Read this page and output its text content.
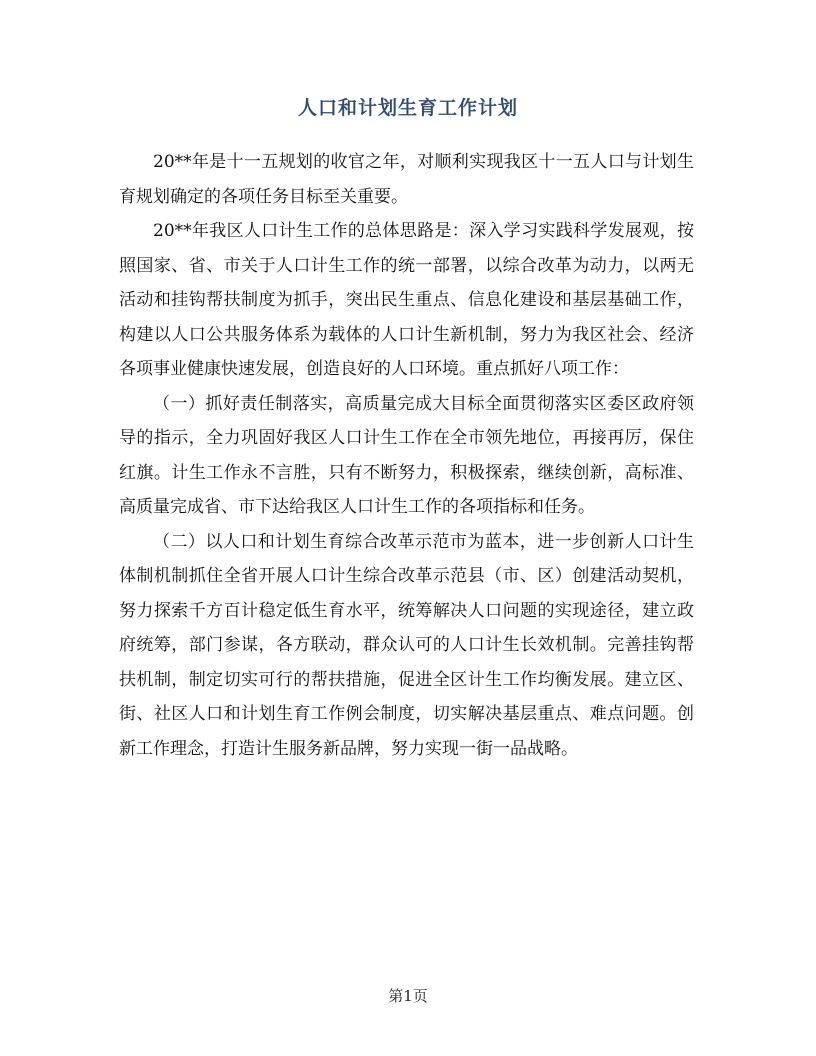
人口和计划生育工作计划

20**年是十一五规划的收官之年，对顺利实现我区十一五人口与计划生育规划确定的各项任务目标至关重要。

20**年我区人口计生工作的总体思路是：深入学习实践科学发展观，按照国家、省、市关于人口计生工作的统一部署，以综合改革为动力，以两无活动和挂钩帮扶制度为抓手，突出民生重点、信息化建设和基层基础工作，构建以人口公共服务体系为载体的人口计生新机制，努力为我区社会、经济各项事业健康快速发展，创造良好的人口环境。重点抓好八项工作：

（一）抓好责任制落实，高质量完成大目标全面贯彻落实区委区政府领导的指示，全力巩固好我区人口计生工作在全市领先地位，再接再厉，保住红旗。计生工作永不言胜，只有不断努力，积极探索，继续创新，高标准、高质量完成省、市下达给我区人口计生工作的各项指标和任务。

（二）以人口和计划生育综合改革示范市为蓝本，进一步创新人口计生体制机制抓住全省开展人口计生综合改革示范县（市、区）创建活动契机，努力探索千方百计稳定低生育水平，统筹解决人口问题的实现途径，建立政府统筹，部门参谋，各方联动，群众认可的人口计生长效机制。完善挂钩帮扶机制，制定切实可行的帮扶措施，促进全区计生工作均衡发展。建立区、街、社区人口和计划生育工作例会制度，切实解决基层重点、难点问题。创新工作理念，打造计生服务新品牌，努力实现一街一品战略。

第1页
